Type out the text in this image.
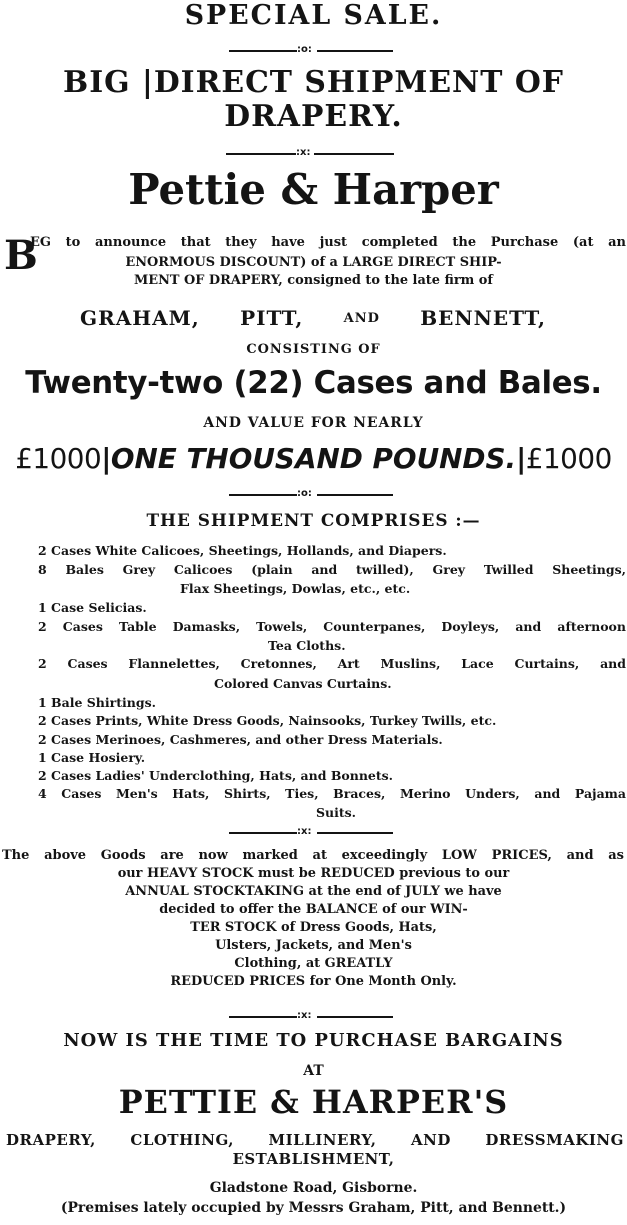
SPECIAL SALE.

:o:

BIG |DIRECT SHIPMENT OF

DRAPERY.

:x:

Pettie & Harper

B
EG to announce that they have just completed the Purchase (at an

ENORMOUS DISCOUNT) of a LARGE DIRECT SHIP-

MENT OF DRAPERY, consigned to the late firm of

GRAHAM, PITT,	AND BENNETT,

CONSISTING OF

Twenty-two (22) Cases and Bales.

AND VALUE FOR NEARLY

£1000|ONE THOUSAND POUNDS.|£1000

:o:

THE SHIPMENT COMPRISES :—

2 Cases White Calicoes, Sheetings, Hollands, and Diapers.
8 Bales Grey Calicoes (plain and twilled), Grey Twilled Sheetings,
Flax Sheetings, Dowlas, etc., etc.
1 Case Selicias.
2 Cases Table Damasks, Towels, Counterpanes, Doyleys, and afternoon
Tea Cloths.
2 Cases Flannelettes, Cretonnes, Art Muslins, Lace Curtains, and
Colored Canvas Curtains.
1 Bale Shirtings.
2 Cases Prints, White Dress Goods, Nainsooks, Turkey Twills, etc.
2 Cases Merinoes, Cashmeres, and other Dress Materials.
1 Case Hosiery.
2 Cases Ladies' Underclothing, Hats, and Bonnets.
4 Cases Men's Hats, Shirts, Ties, Braces, Merino Unders, and Pajama
Suits.
:x:
The above Goods are now marked at exceedingly LOW PRICES, and as

our HEAVY STOCK must be REDUCED previous to our

ANNUAL STOCKTAKING at the end of JULY we have

decided to offer the BALANCE of our WIN-

TER STOCK of Dress Goods, Hats,

Ulsters, Jackets, and Men's

Clothing, at GREATLY

REDUCED PRICES for One Month Only.

:x:

NOW IS THE TIME TO PURCHASE BARGAINS

AT

PETTIE & HARPER'S

DRAPERY, CLOTHING, MILLINERY, AND DRESSMAKING

ESTABLISHMENT,

Gladstone Road, Gisborne.

(Premises lately occupied by Messrs Graham, Pitt, and Bennett.)
